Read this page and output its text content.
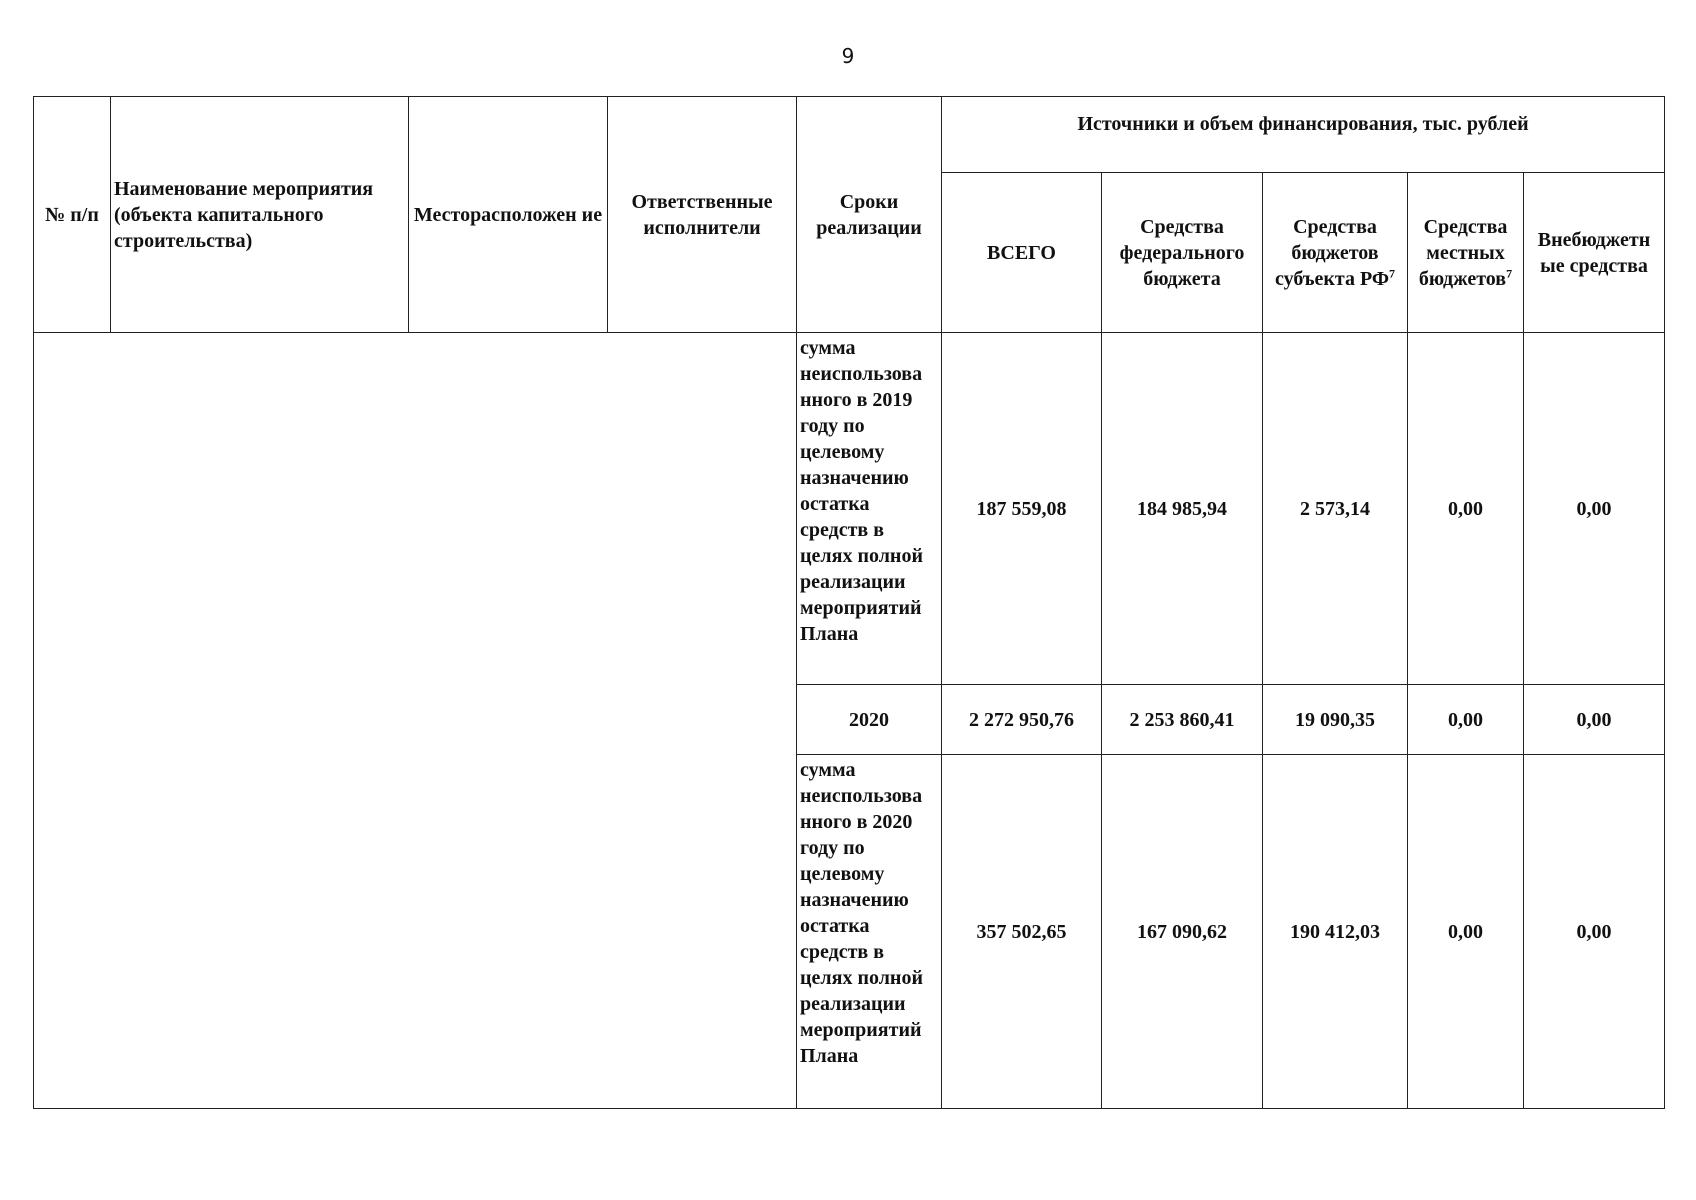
9
№ п/п	Наименование мероприятия (объекта капитального строительства)	Месторасположен ие	Ответственные исполнители	Сроки реализации	Источники и объем финансирования, тыс. рублей				
					ВСЕГО	Средства федерального бюджета	Средства бюджетов субъекта $РФ^7$	Средства местных бюджетов$^7$	Внебюджетн ые средства
				сумма неиспользова нного в 2019 году по целевому назначению остатка средств в целях полной реализации мероприятий Плана	187 559,08	184 985,94	2 573,14	0,00	0,00
				2020	2 272 950,76	2 253 860,41	19 090,35	0,00	0,00
				сумма неиспользова нного в 2020 году по целевому назначению остатка средств в целях полной реализации мероприятий Плана	357 502,65	167 090,62	190 412,03	0,00	0,00
